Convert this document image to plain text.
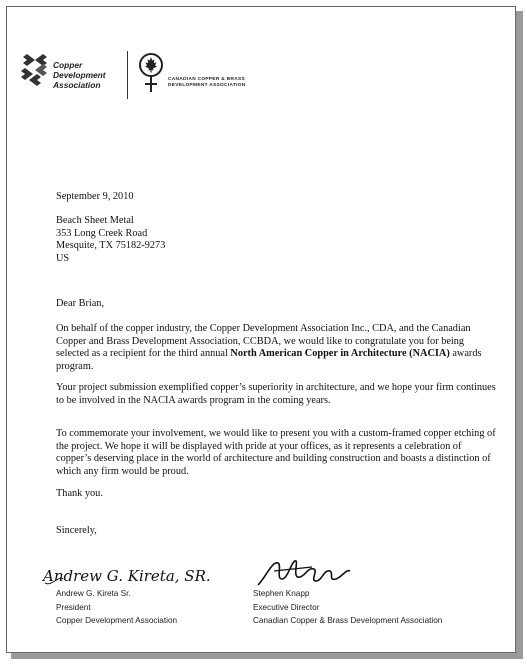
Copper
Development
Association
CANADIAN COPPER & BRASS
DEVELOPMENT ASSOCIATION
September 9, 2010
Beach Sheet Metal
353 Long Creek Road
Mesquite, TX 75182-9273
US
Dear Brian,
On behalf of the copper industry, the Copper Development Association Inc., CDA, and the Canadian Copper and Brass Development Association, CCBDA, we would like to congratulate you for being selected as a recipient for the third annual North American Copper in Architecture (NACIA) awards program.
Your project submission exemplified copper’s superiority in architecture, and we hope your firm continues to be involved in the NACIA awards program in the coming years.
To commemorate your involvement, we would like to present you with a custom-framed copper etching of the project. We hope it will be displayed with pride at your offices, as it represents a celebration of copper’s deserving place in the world of architecture and building construction and boasts a distinction of which any firm would be proud.
Thank you.
Sincerely,
Andrew G. Kireta, SR.
Andrew G. Kireta Sr.
President
Copper Development Association
Stephen Knapp
Executive Director
Canadian Copper & Brass Development Association
